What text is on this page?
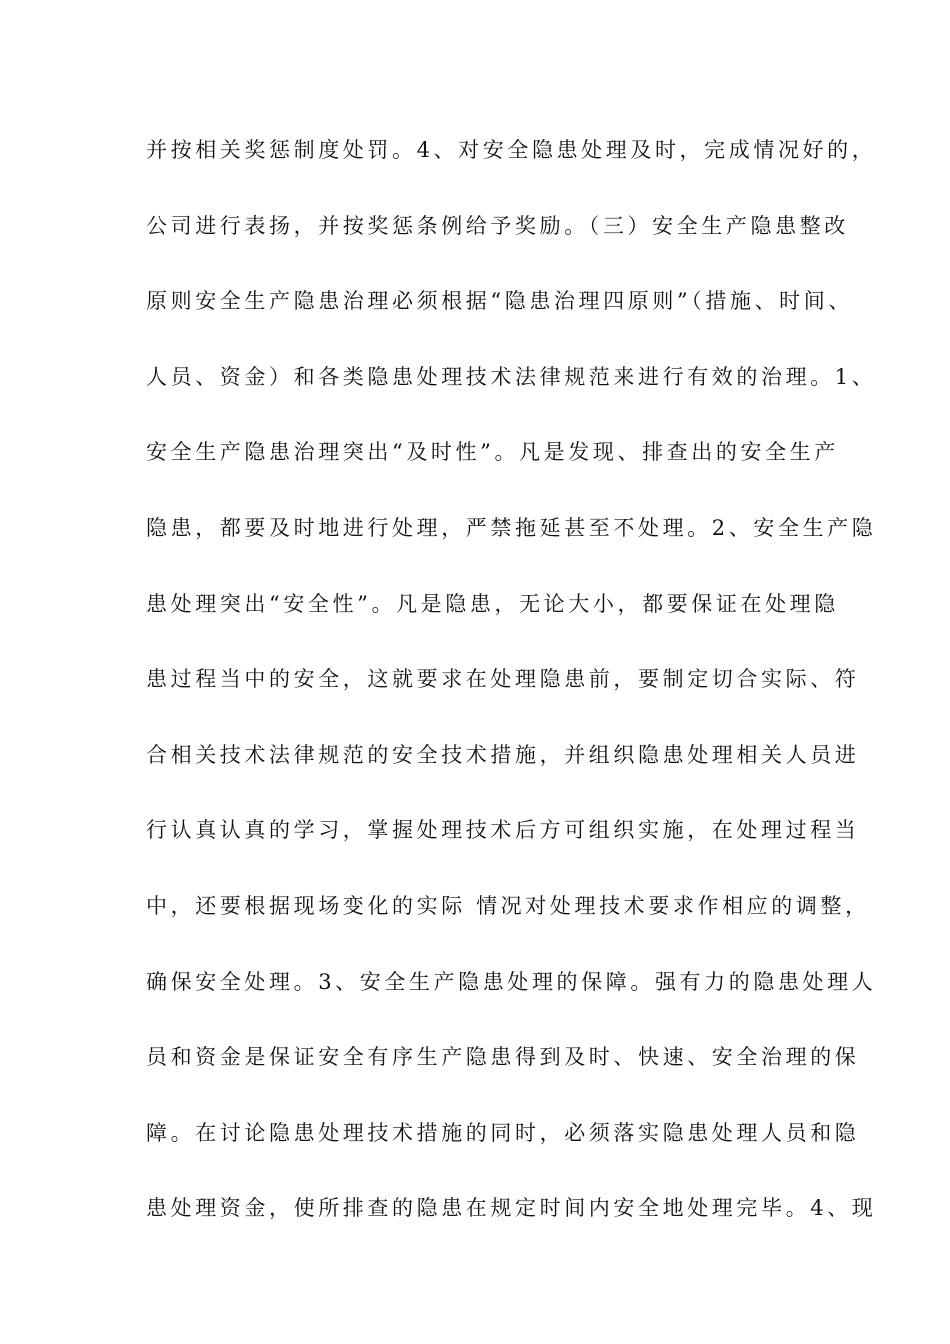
并按相关奖惩制度处罚。4、对安全隐患处理及时，完成情况好的，
公司进行表扬，并按奖惩条例给予奖励。（三）安全生产隐患整改
原则安全生产隐患治理必须根据“隐患治理四原则”（措施、时间、
人员、资金）和各类隐患处理技术法律规范来进行有效的治理。1、
安全生产隐患治理突出“及时性”。凡是发现、排查出的安全生产
隐患，都要及时地进行处理，严禁拖延甚至不处理。2、安全生产隐
患处理突出“安全性”。凡是隐患，无论大小，都要保证在处理隐
患过程当中的安全，这就要求在处理隐患前，要制定切合实际、符
合相关技术法律规范的安全技术措施，并组织隐患处理相关人员进
行认真认真的学习，掌握处理技术后方可组织实施，在处理过程当
中，还要根据现场变化的实际 情况对处理技术要求作相应的调整，
确保安全处理。3、安全生产隐患处理的保障。强有力的隐患处理人
员和资金是保证安全有序生产隐患得到及时、快速、安全治理的保
障。在讨论隐患处理技术措施的同时，必须落实隐患处理人员和隐
患处理资金，使所排查的隐患在规定时间内安全地处理完毕。4、现
